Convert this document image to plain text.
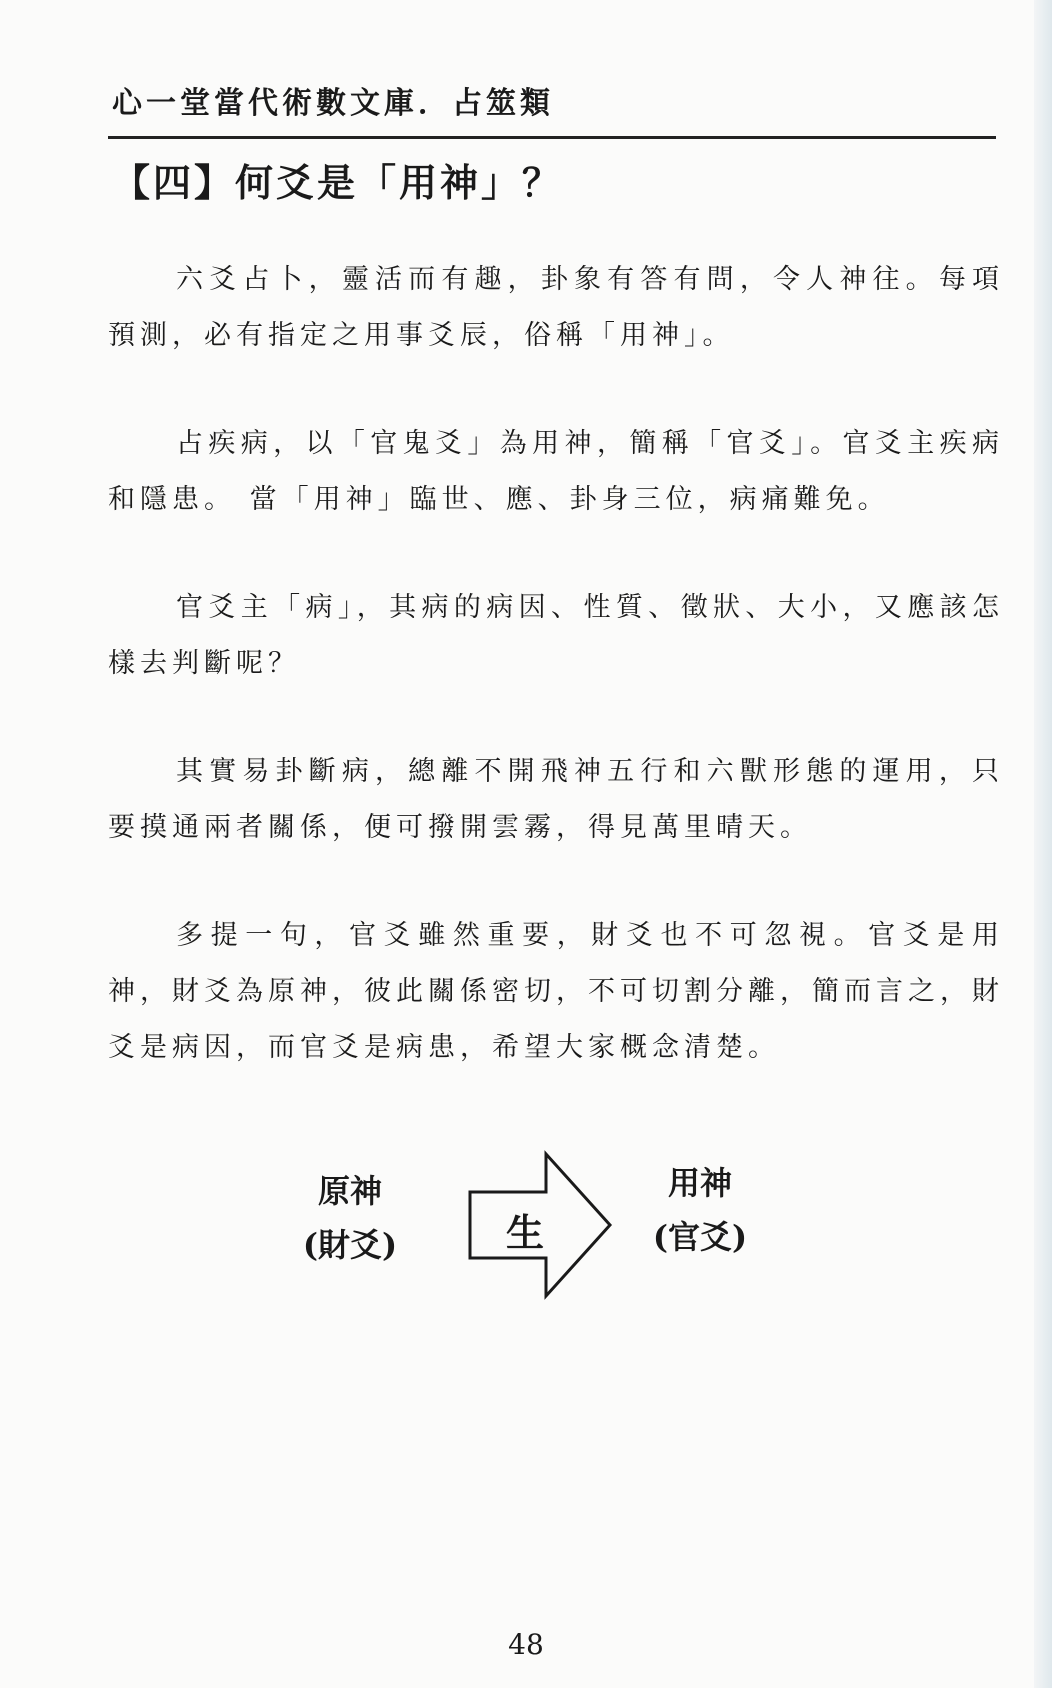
心一堂當代術數文庫．占筮類
【四】何爻是「用神」？

六爻占卜，靈活而有趣，卦象有答有問，令人神往。每項預測，必有指定之用事爻辰，俗稱「用神」。

占疾病，以「官鬼爻」為用神，簡稱「官爻」。官爻主疾病和隱患。 當「用神」臨世、應、卦身三位，病痛難免。

官爻主「病」，其病的病因、性質、徵狀、大小，又應該怎樣去判斷呢？

其實易卦斷病，總離不開飛神五行和六獸形態的運用，只要摸通兩者關係，便可撥開雲霧，得見萬里晴天。

多提一句，官爻雖然重要，財爻也不可忽視。官爻是用神，財爻為原神，彼此關係密切，不可切割分離，簡而言之，財爻是病因，而官爻是病患，希望大家概念清楚。

原神
(財爻)	生
用神
(官爻)
48
